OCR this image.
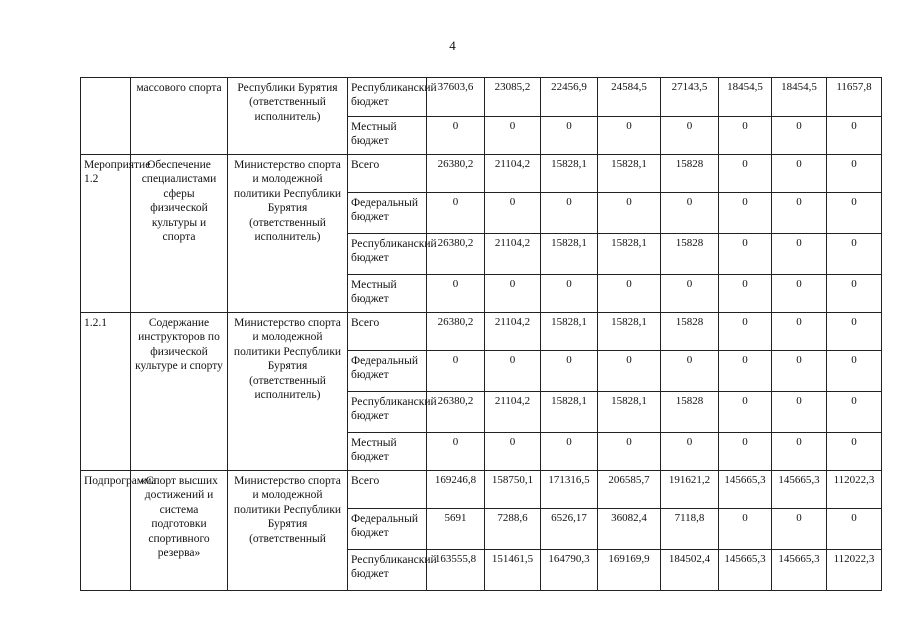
4
	массового спорта	Республики Бурятия (ответственный исполнитель)	Республиканский бюджет	37603,6	23085,2	22456,9	24584,5	27143,5	18454,5	18454,5	11657,8
			Местный бюджет	0	0	0	0	0	0	0	0
Мероприятие 1.2	Обеспечение специалистами сферы физической культуры и спорта	Министерство спорта и молодежной политики Республики Бурятия (ответственный исполнитель)	Всего	26380,2	21104,2	15828,1	15828,1	15828	0	0	0
			Федеральный бюджет	0	0	0	0	0	0	0	0
			Республиканский бюджет	26380,2	21104,2	15828,1	15828,1	15828	0	0	0
			Местный бюджет	0	0	0	0	0	0	0	0
1.2.1	Содержание инструкторов по физической культуре и спорту	Министерство спорта и молодежной политики Республики Бурятия (ответственный исполнитель)	Всего	26380,2	21104,2	15828,1	15828,1	15828	0	0	0
			Федеральный бюджет	0	0	0	0	0	0	0	0
			Республиканский бюджет	26380,2	21104,2	15828,1	15828,1	15828	0	0	0
			Местный бюджет	0	0	0	0	0	0	0	0
Подпрограмма	«Спорт высших достижений и система подготовки спортивного резерва»	Министерство спорта и молодежной политики Республики Бурятия (ответственный	Всего	169246,8	158750,1	171316,5	206585,7	191621,2	145665,3	145665,3	112022,3
			Федеральный бюджет	5691	7288,6	6526,17	36082,4	7118,8	0	0	0
			Республиканский бюджет	163555,8	151461,5	164790,3	169169,9	184502,4	145665,3	145665,3	112022,3
